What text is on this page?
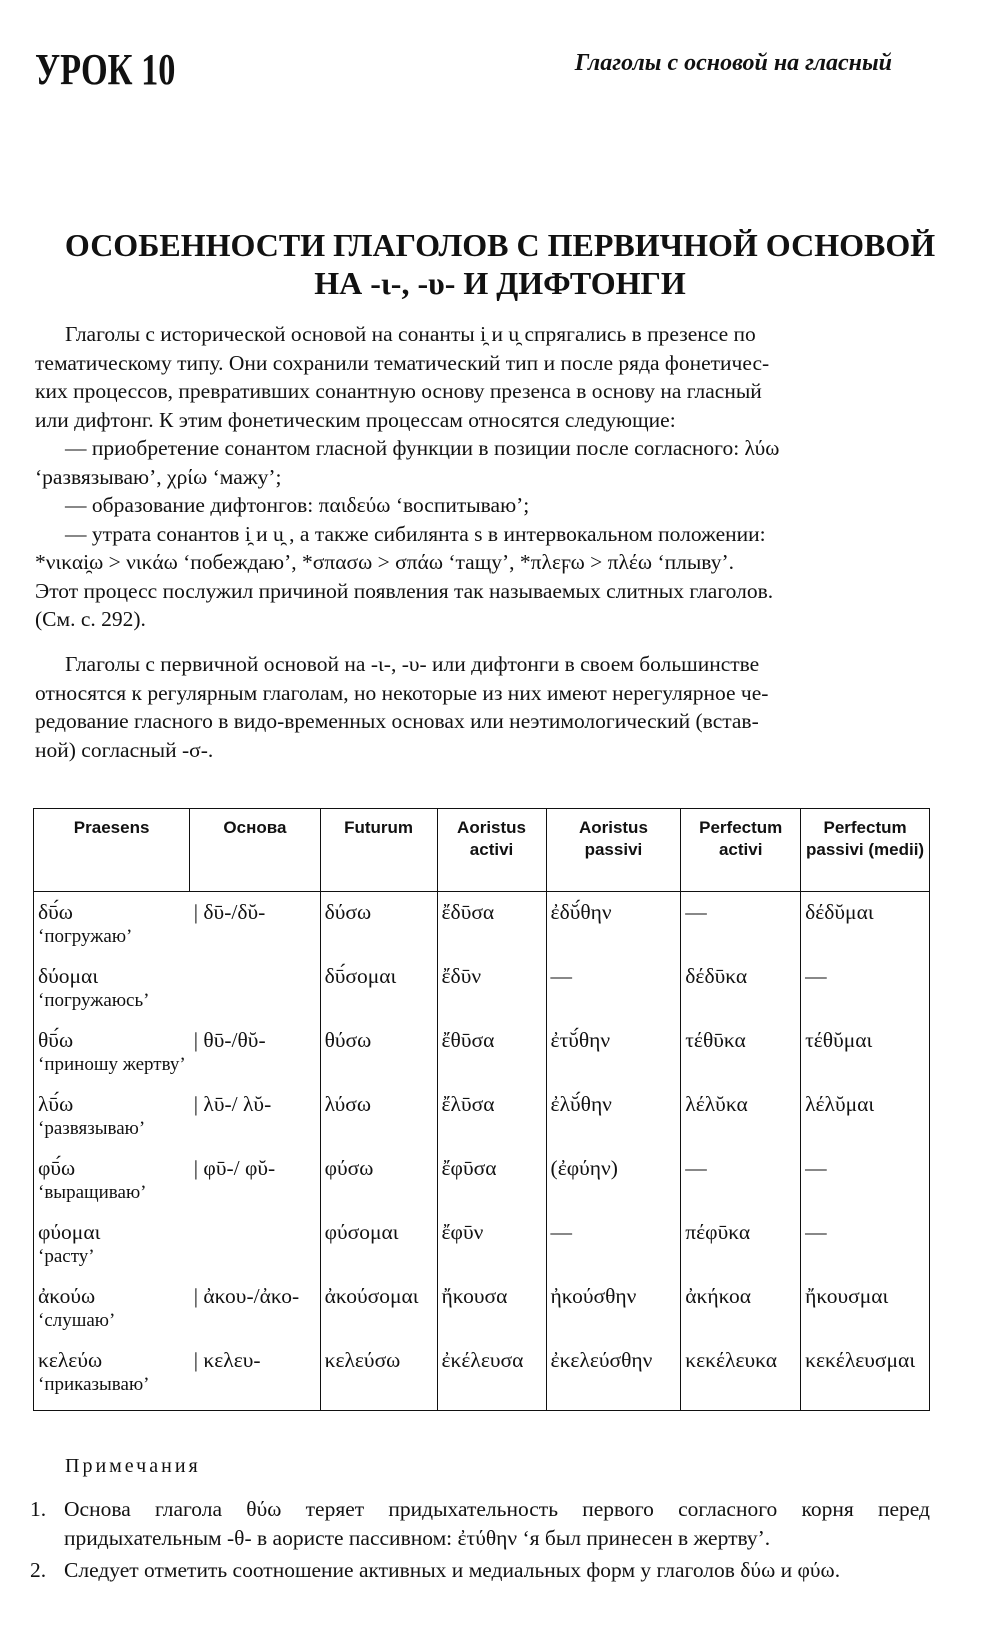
УРОК 10	Глаголы с основой на гласный
ОСОБЕННОСТИ ГЛАГОЛОВ С ПЕРВИЧНОЙ ОСНОВОЙ
НА -ι-, -υ- И ДИФТОНГИ
Глаголы с исторической основой на сонанты i̯ и u̯ спрягались в презенсе по
тематическому типу. Они сохранили тематический тип и после ряда фонетичес-
ких процессов, превративших сонантную основу презенса в основу на гласный
или дифтонг. К этим фонетическим процессам относятся следующие:
— приобретение сонантом гласной функции в позиции после согласного: λύω
‘развязываю’, χρίω ‘мажу’;
— образование дифтонгов: παιδεύω ‘воспитываю’;
— утрата сонантов i̯ и u̯ , а также сибилянта s в интервокальном положении:
*νικαi̯ω > νικάω ‘побеждаю’, *σπασω > σπάω ‘тащу’, *πλεϝω > πλέω ‘плыву’.
Этот процесс послужил причиной появления так называемых слитных глаголов.
(См. с. 292).
Глаголы с первичной основой на -ι-, -υ- или дифтонги в своем большинстве
относятся к регулярным глаголам, но некоторые из них имеют нерегулярное че-
редование гласного в видо-временных основах или неэтимологический (встав-
ной) согласный -σ-.
Praesens	Основа	Futurum	Aoristus activi	Aoristus passivi	Perfectum activi	Perfectum passivi (medii)
δῡ́ω
‘погружаю’	| δῡ-/δῠ-	δύσω	ἔδῡσα	ἐδῠ́θην	—	δέδῠμαι
δύομαι
‘погружаюсь’		δῡ́σομαι	ἔδῡν	—	δέδῡκα	—
θῡ́ω
‘приношу жертву’	| θῡ-/θῠ-	θύσω	ἔθῡσα	ἐτῠ́θην	τέθῡκα	τέθῠμαι
λῡ́ω
‘развязываю’	| λῡ-/ λῠ-	λύσω	ἔλῡσα	ἐλῠ́θην	λέλῠκα	λέλῠμαι
φῡ́ω
‘выращиваю’	| φῡ-/ φῠ-	φύσω	ἔφῡσα	(ἐφύην)	—	—
φύομαι
‘расту’		φύσομαι	ἔφῡν	—	πέφῡκα	—
ἀκούω
‘слушаю’	| ἀκου-/ἀκο-	ἀκούσομαι	ἤκουσα	ἠκούσθην	ἀκήκοα	ἤκουσμαι
κελεύω
‘приказываю’	| κελευ-	κελεύσω	ἐκέλευσα	ἐκελεύσθην	κεκέλευκα	κεκέλευσμαι
Примечания
1. Основа глагола θύω теряет придыхательность первого согласного корня перед придыхательным -θ- в аористе пассивном: ἐτύθην ‘я был принесен в жертву’.
2. Следует отметить соотношение активных и медиальных форм у глаголов δύω и φύω.
